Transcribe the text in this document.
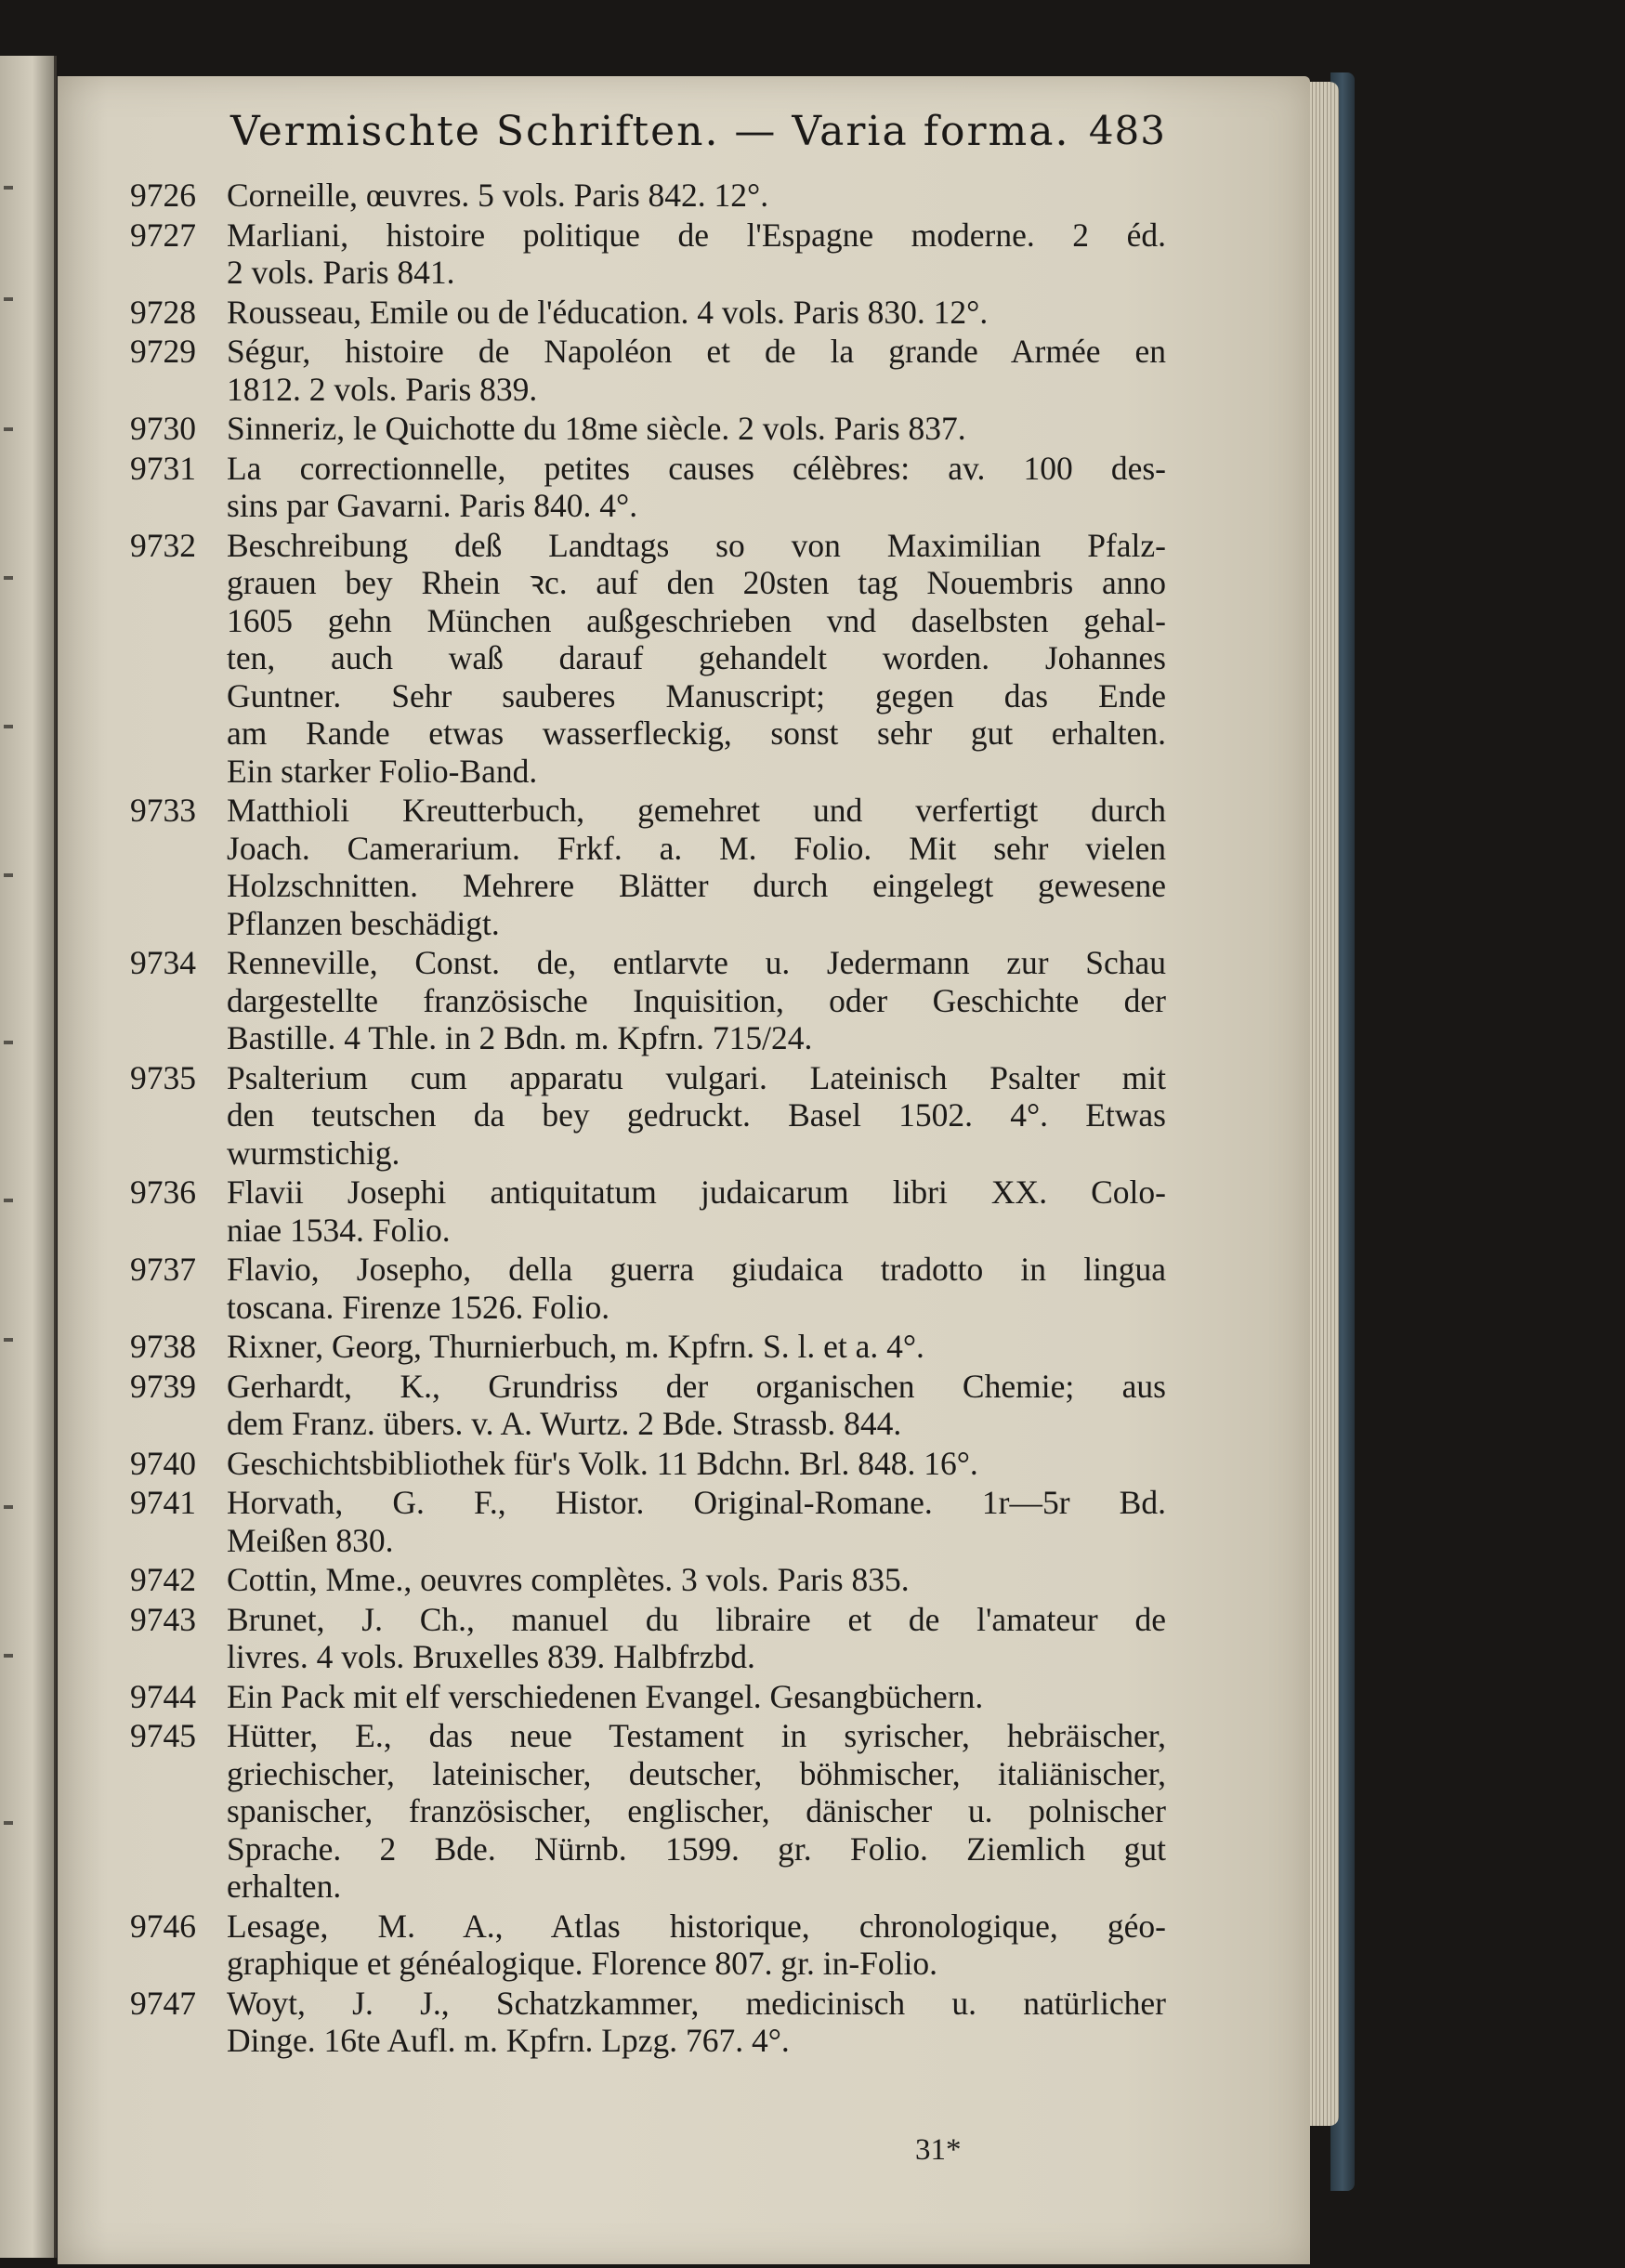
Vermischte Schriften. — Varia forma. 483
9726 Corneille, œuvres. 5 vols. Paris 842. 12°.
9727 Marliani, histoire politique de l'Espagne moderne. 2 éd.
2 vols. Paris 841.
9728 Rousseau, Emile ou de l'éducation. 4 vols. Paris 830. 12°.
9729 Ségur, histoire de Napoléon et de la grande Armée en
1812. 2 vols. Paris 839.
9730 Sinneriz, le Quichotte du 18me siècle. 2 vols. Paris 837.
9731 La correctionnelle, petites causes célèbres: av. 100 des-
sins par Gavarni. Paris 840. 4°.
9732 Beschreibung deß Landtags so von Maximilian Pfalz-
grauen bey Rhein ꝛc. auf den 20sten tag Nouembris anno
1605 gehn München außgeschrieben vnd daselbsten gehal-
ten, auch waß darauf gehandelt worden. Johannes
Guntner. Sehr sauberes Manuscript; gegen das Ende
am Rande etwas wasserfleckig, sonst sehr gut erhalten.
Ein starker Folio-Band.
9733 Matthioli Kreutterbuch, gemehret und verfertigt durch
Joach. Camerarium. Frkf. a. M. Folio. Mit sehr vielen
Holzschnitten. Mehrere Blätter durch eingelegt gewesene
Pflanzen beschädigt.
9734 Renneville, Const. de, entlarvte u. Jedermann zur Schau
dargestellte französische Inquisition, oder Geschichte der
Bastille. 4 Thle. in 2 Bdn. m. Kpfrn. 715/24.
9735 Psalterium cum apparatu vulgari. Lateinisch Psalter mit
den teutschen da bey gedruckt. Basel 1502. 4°. Etwas
wurmstichig.
9736 Flavii Josephi antiquitatum judaicarum libri XX. Colo-
niae 1534. Folio.
9737 Flavio, Josepho, della guerra giudaica tradotto in lingua
toscana. Firenze 1526. Folio.
9738 Rixner, Georg, Thurnierbuch, m. Kpfrn. S. l. et a. 4°.
9739 Gerhardt, K., Grundriss der organischen Chemie; aus
dem Franz. übers. v. A. Wurtz. 2 Bde. Strassb. 844.
9740 Geschichtsbibliothek für's Volk. 11 Bdchn. Brl. 848. 16°.
9741 Horvath, G. F., Histor. Original-Romane. 1r—5r Bd.
Meißen 830.
9742 Cottin, Mme., oeuvres complètes. 3 vols. Paris 835.
9743 Brunet, J. Ch., manuel du libraire et de l'amateur de
livres. 4 vols. Bruxelles 839. Halbfrzbd.
9744 Ein Pack mit elf verschiedenen Evangel. Gesangbüchern.
9745 Hütter, E., das neue Testament in syrischer, hebräischer,
griechischer, lateinischer, deutscher, böhmischer, italiänischer,
spanischer, französischer, englischer, dänischer u. polnischer
Sprache. 2 Bde. Nürnb. 1599. gr. Folio. Ziemlich gut
erhalten.
9746 Lesage, M. A., Atlas historique, chronologique, géo-
graphique et généalogique. Florence 807. gr. in-Folio.
9747 Woyt, J. J., Schatzkammer, medicinisch u. natürlicher
Dinge. 16te Aufl. m. Kpfrn. Lpzg. 767. 4°.
31*
